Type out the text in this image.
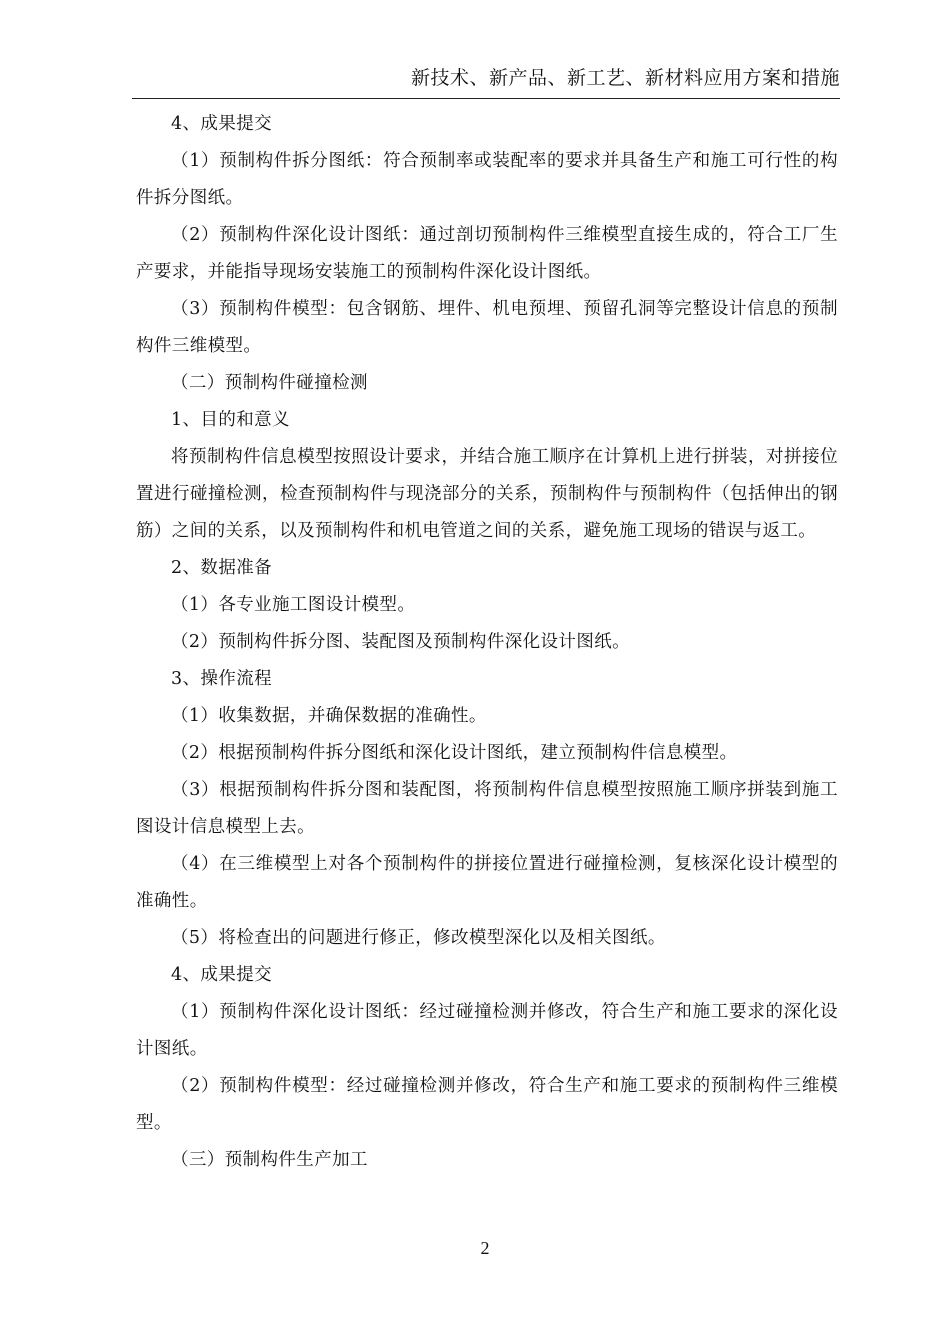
新技术、新产品、新工艺、新材料应用方案和措施

4、成果提交

（1）预制构件拆分图纸：符合预制率或装配率的要求并具备生产和施工可行性的构件拆分图纸。

（2）预制构件深化设计图纸：通过剖切预制构件三维模型直接生成的，符合工厂生产要求，并能指导现场安装施工的预制构件深化设计图纸。

（3）预制构件模型：包含钢筋、埋件、机电预埋、预留孔洞等完整设计信息的预制构件三维模型。

（二）预制构件碰撞检测

1、目的和意义

将预制构件信息模型按照设计要求，并结合施工顺序在计算机上进行拼装，对拼接位置进行碰撞检测，检查预制构件与现浇部分的关系，预制构件与预制构件（包括伸出的钢筋）之间的关系，以及预制构件和机电管道之间的关系，避免施工现场的错误与返工。

2、数据准备

（1）各专业施工图设计模型。

（2）预制构件拆分图、装配图及预制构件深化设计图纸。

3、操作流程

（1）收集数据，并确保数据的准确性。

（2）根据预制构件拆分图纸和深化设计图纸，建立预制构件信息模型。

（3）根据预制构件拆分图和装配图，将预制构件信息模型按照施工顺序拼装到施工图设计信息模型上去。

（4）在三维模型上对各个预制构件的拼接位置进行碰撞检测，复核深化设计模型的准确性。

（5）将检查出的问题进行修正，修改模型深化以及相关图纸。

4、成果提交

（1）预制构件深化设计图纸：经过碰撞检测并修改，符合生产和施工要求的深化设计图纸。

（2）预制构件模型：经过碰撞检测并修改，符合生产和施工要求的预制构件三维模型。

（三）预制构件生产加工

2
